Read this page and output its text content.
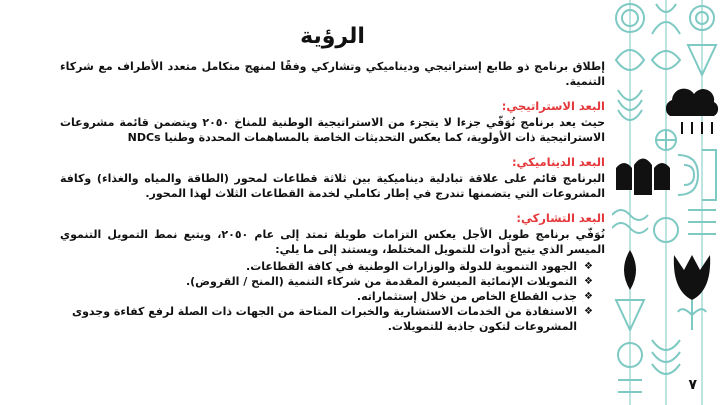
الرؤية

إطلاق برنامج ذو طابع إستراتيجي وديناميكي وتشاركي وفقًا لمنهج متكامل متعدد الأطراف مع شركاء التنمية.

البعد الاستراتيجي:

حيث يعد برنامج نُوَفّي جزءا لا يتجزء من الاستراتيجية الوطنية للمناخ ٢٠٥٠ ويتضمن قائمة مشروعات الاستراتيجية ذات الأولوية، كما يعكس التحديثات الخاصة بالمساهمات المحددة وطنيا NDCs

البعد الديناميكي:

البرنامج قائم على علاقة تبادلية ديناميكية بين ثلاثة قطاعات لمحور (الطاقة والمياه والغذاء) وكافة المشروعات التي يتضمنها تندرج في إطار تكاملي لخدمة القطاعات الثلاث لهذا المحور.

البعد التشاركي:

نُوَفّي برنامج طويل الأجل يعكس التزامات طويلة تمتد إلى عام ٢٠٥٠، ويتبع نمط التمويل التنموي الميسر الذي يتيح أدوات للتمويل المختلط، ويستند إلى ما يلي:

❖ الجهود التنموية للدولة والوزارات الوطنية في كافة القطاعات.
❖ التمويلات الإنمائية الميسرة المقدمة من شركاء التنمية (المنح / القروض).
❖ جذب القطاع الخاص من خلال إستثماراته.
❖ الاستفادة من الخدمات الاستشارية والخبرات المتاحة من الجهات ذات الصلة لرفع كفاءة وجدوى المشروعات لتكون جاذبة للتمويلات.
٧
